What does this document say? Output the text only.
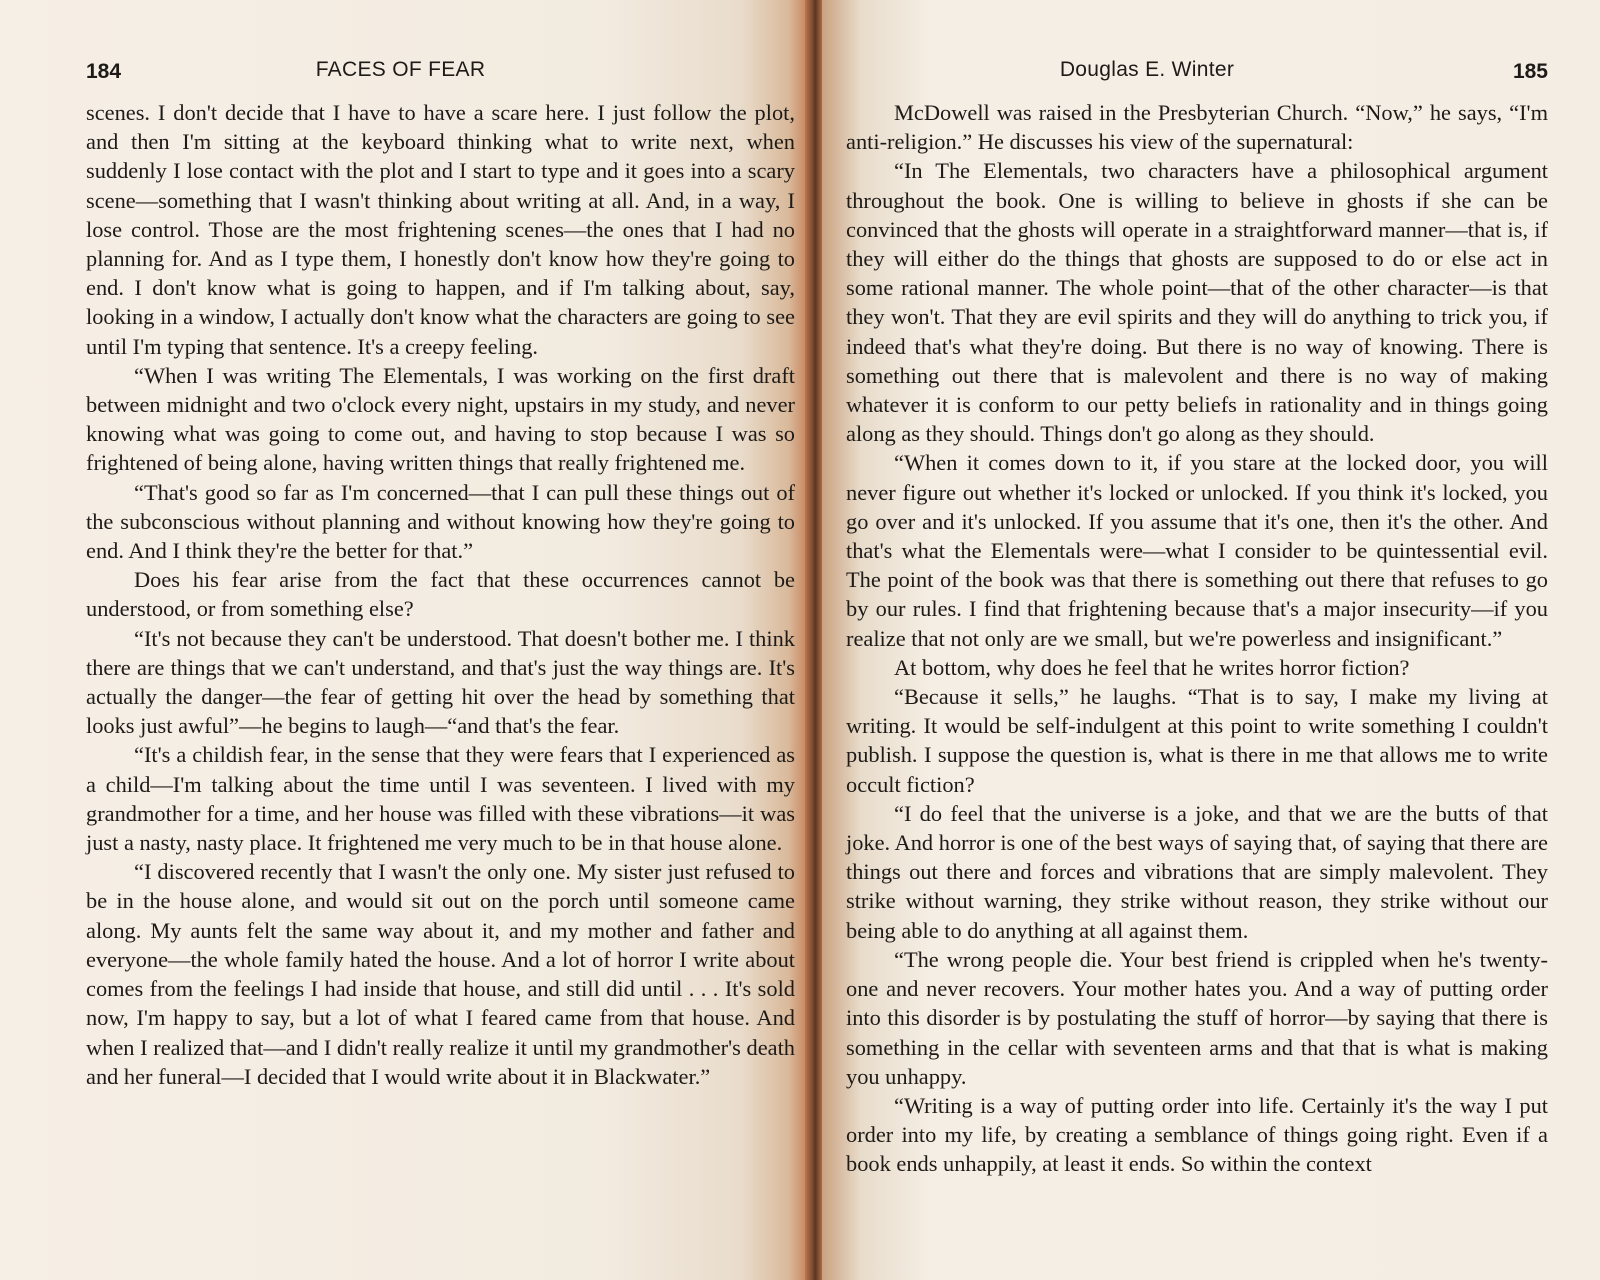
184	FACES OF FEAR

scenes. I don't decide that I have to have a scare here. I just follow the plot, and then I'm sitting at the keyboard thinking what to write next, when suddenly I lose contact with the plot and I start to type and it goes into a scary scene—something that I wasn't thinking about writing at all. And, in a way, I lose control. Those are the most frightening scenes—the ones that I had no planning for. And as I type them, I honestly don't know how they're going to end. I don't know what is going to happen, and if I'm talking about, say, looking in a window, I actually don't know what the characters are going to see until I'm typing that sentence. It's a creepy feeling.

“When I was writing The Elementals, I was working on the first draft between midnight and two o'clock every night, upstairs in my study, and never knowing what was going to come out, and having to stop because I was so frightened of being alone, having written things that really frightened me.

“That's good so far as I'm concerned—that I can pull these things out of the subconscious without planning and without knowing how they're going to end. And I think they're the better for that.”

Does his fear arise from the fact that these occurrences cannot be understood, or from something else?

“It's not because they can't be understood. That doesn't bother me. I think there are things that we can't understand, and that's just the way things are. It's actually the danger—the fear of getting hit over the head by something that looks just awful”—he begins to laugh—“and that's the fear.

“It's a childish fear, in the sense that they were fears that I experienced as a child—I'm talking about the time until I was seventeen. I lived with my grandmother for a time, and her house was filled with these vibrations—it was just a nasty, nasty place. It frightened me very much to be in that house alone.

“I discovered recently that I wasn't the only one. My sister just refused to be in the house alone, and would sit out on the porch until someone came along. My aunts felt the same way about it, and my mother and father and everyone—the whole family hated the house. And a lot of horror I write about comes from the feelings I had inside that house, and still did until . . . It's sold now, I'm happy to say, but a lot of what I feared came from that house. And when I realized that—and I didn't really realize it until my grandmother's death and her funeral—I decided that I would write about it in Blackwater.”

Douglas E. Winter	185

McDowell was raised in the Presbyterian Church. “Now,” he says, “I'm anti-religion.” He discusses his view of the supernatural:

“In The Elementals, two characters have a philosophical argument throughout the book. One is willing to believe in ghosts if she can be convinced that the ghosts will operate in a straightforward manner—that is, if they will either do the things that ghosts are supposed to do or else act in some rational manner. The whole point—that of the other character—is that they won't. That they are evil spirits and they will do anything to trick you, if indeed that's what they're doing. But there is no way of knowing. There is something out there that is malevolent and there is no way of making whatever it is conform to our petty beliefs in rationality and in things going along as they should. Things don't go along as they should.

“When it comes down to it, if you stare at the locked door, you will never figure out whether it's locked or unlocked. If you think it's locked, you go over and it's unlocked. If you assume that it's one, then it's the other. And that's what the Elementals were—what I consider to be quintessential evil. The point of the book was that there is something out there that refuses to go by our rules. I find that frightening because that's a major insecurity—if you realize that not only are we small, but we're powerless and insignificant.”

At bottom, why does he feel that he writes horror fiction?

“Because it sells,” he laughs. “That is to say, I make my living at writing. It would be self-indulgent at this point to write something I couldn't publish. I suppose the question is, what is there in me that allows me to write occult fiction?

“I do feel that the universe is a joke, and that we are the butts of that joke. And horror is one of the best ways of saying that, of saying that there are things out there and forces and vibrations that are simply malevolent. They strike without warning, they strike without reason, they strike without our being able to do anything at all against them.

“The wrong people die. Your best friend is crippled when he's twenty-one and never recovers. Your mother hates you. And a way of putting order into this disorder is by postulating the stuff of horror—by saying that there is something in the cellar with seventeen arms and that that is what is making you unhappy.

“Writing is a way of putting order into life. Certainly it's the way I put order into my life, by creating a semblance of things going right. Even if a book ends unhappily, at least it ends. So within the context
